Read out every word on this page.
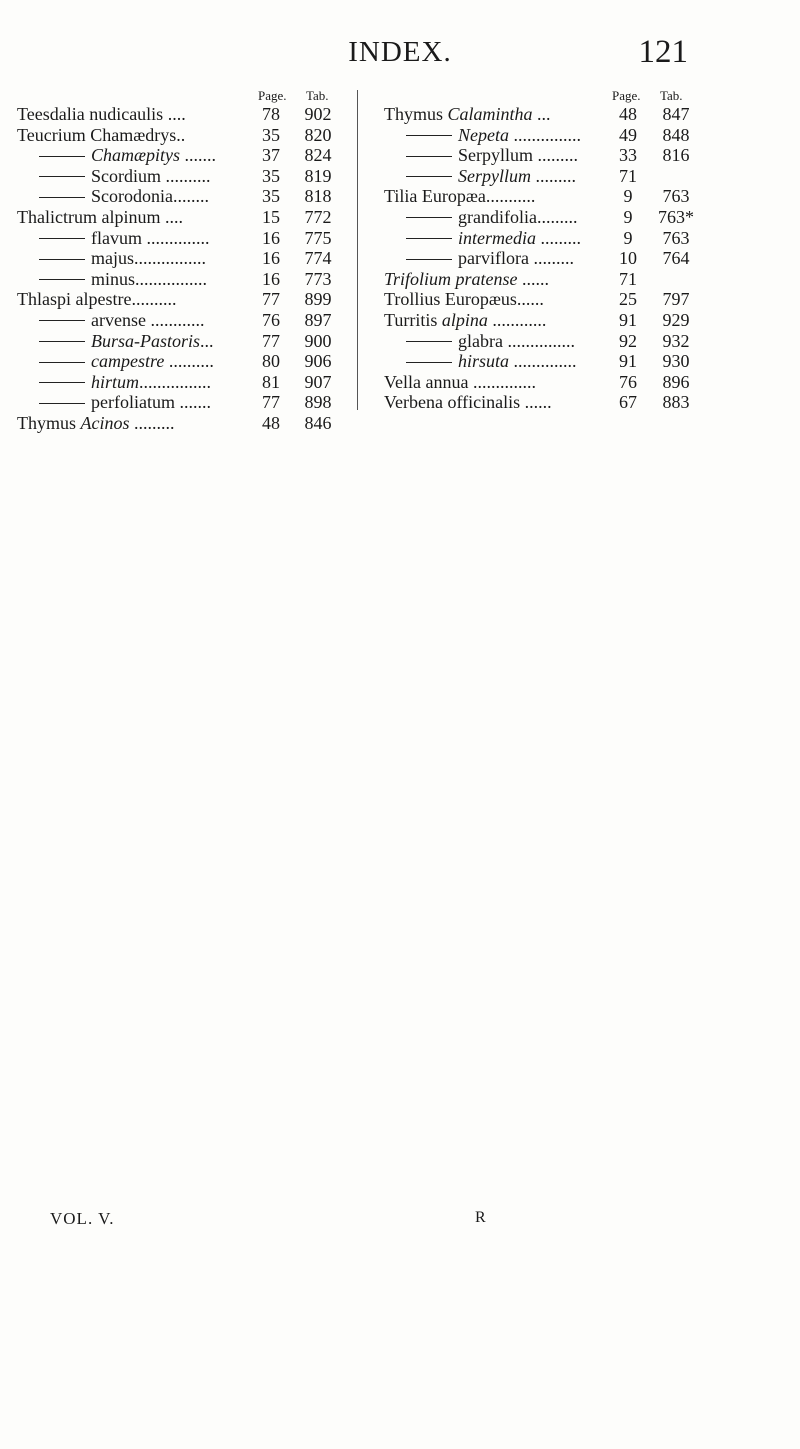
INDEX.	121
Page. Tab.
Teesdalia nudicaulis ....	78	902
Teucrium Chamædrys..	35	820
Chamæpitys .......	37	824
Scordium ..........	35	819
Scorodonia........	35	818
Thalictrum alpinum ....	15	772
flavum ..............	16	775
majus................	16	774
minus................	16	773
Thlaspi alpestre..........	77	899
arvense ............	76	897
Bursa-Pastoris...	77	900
campestre ..........	80	906
hirtum................	81	907
perfoliatum .......	77	898
Thymus Acinos .........	48	846
Page. Tab.
Thymus Calamintha ...	48	847
Nepeta ...............	49	848
Serpyllum .........	33	816
Serpyllum .........	71
Tilia Europæa...........	9	763
grandifolia.........	9	763*
intermedia .........	9	763
parviflora .........	10	764
Trifolium pratense ......	71
Trollius Europæus......	25	797
Turritis alpina ............	91	929
glabra ...............	92	932
hirsuta ..............	91	930
Vella annua ..............	76	896
Verbena officinalis ......	67	883
VOL. V.	R
